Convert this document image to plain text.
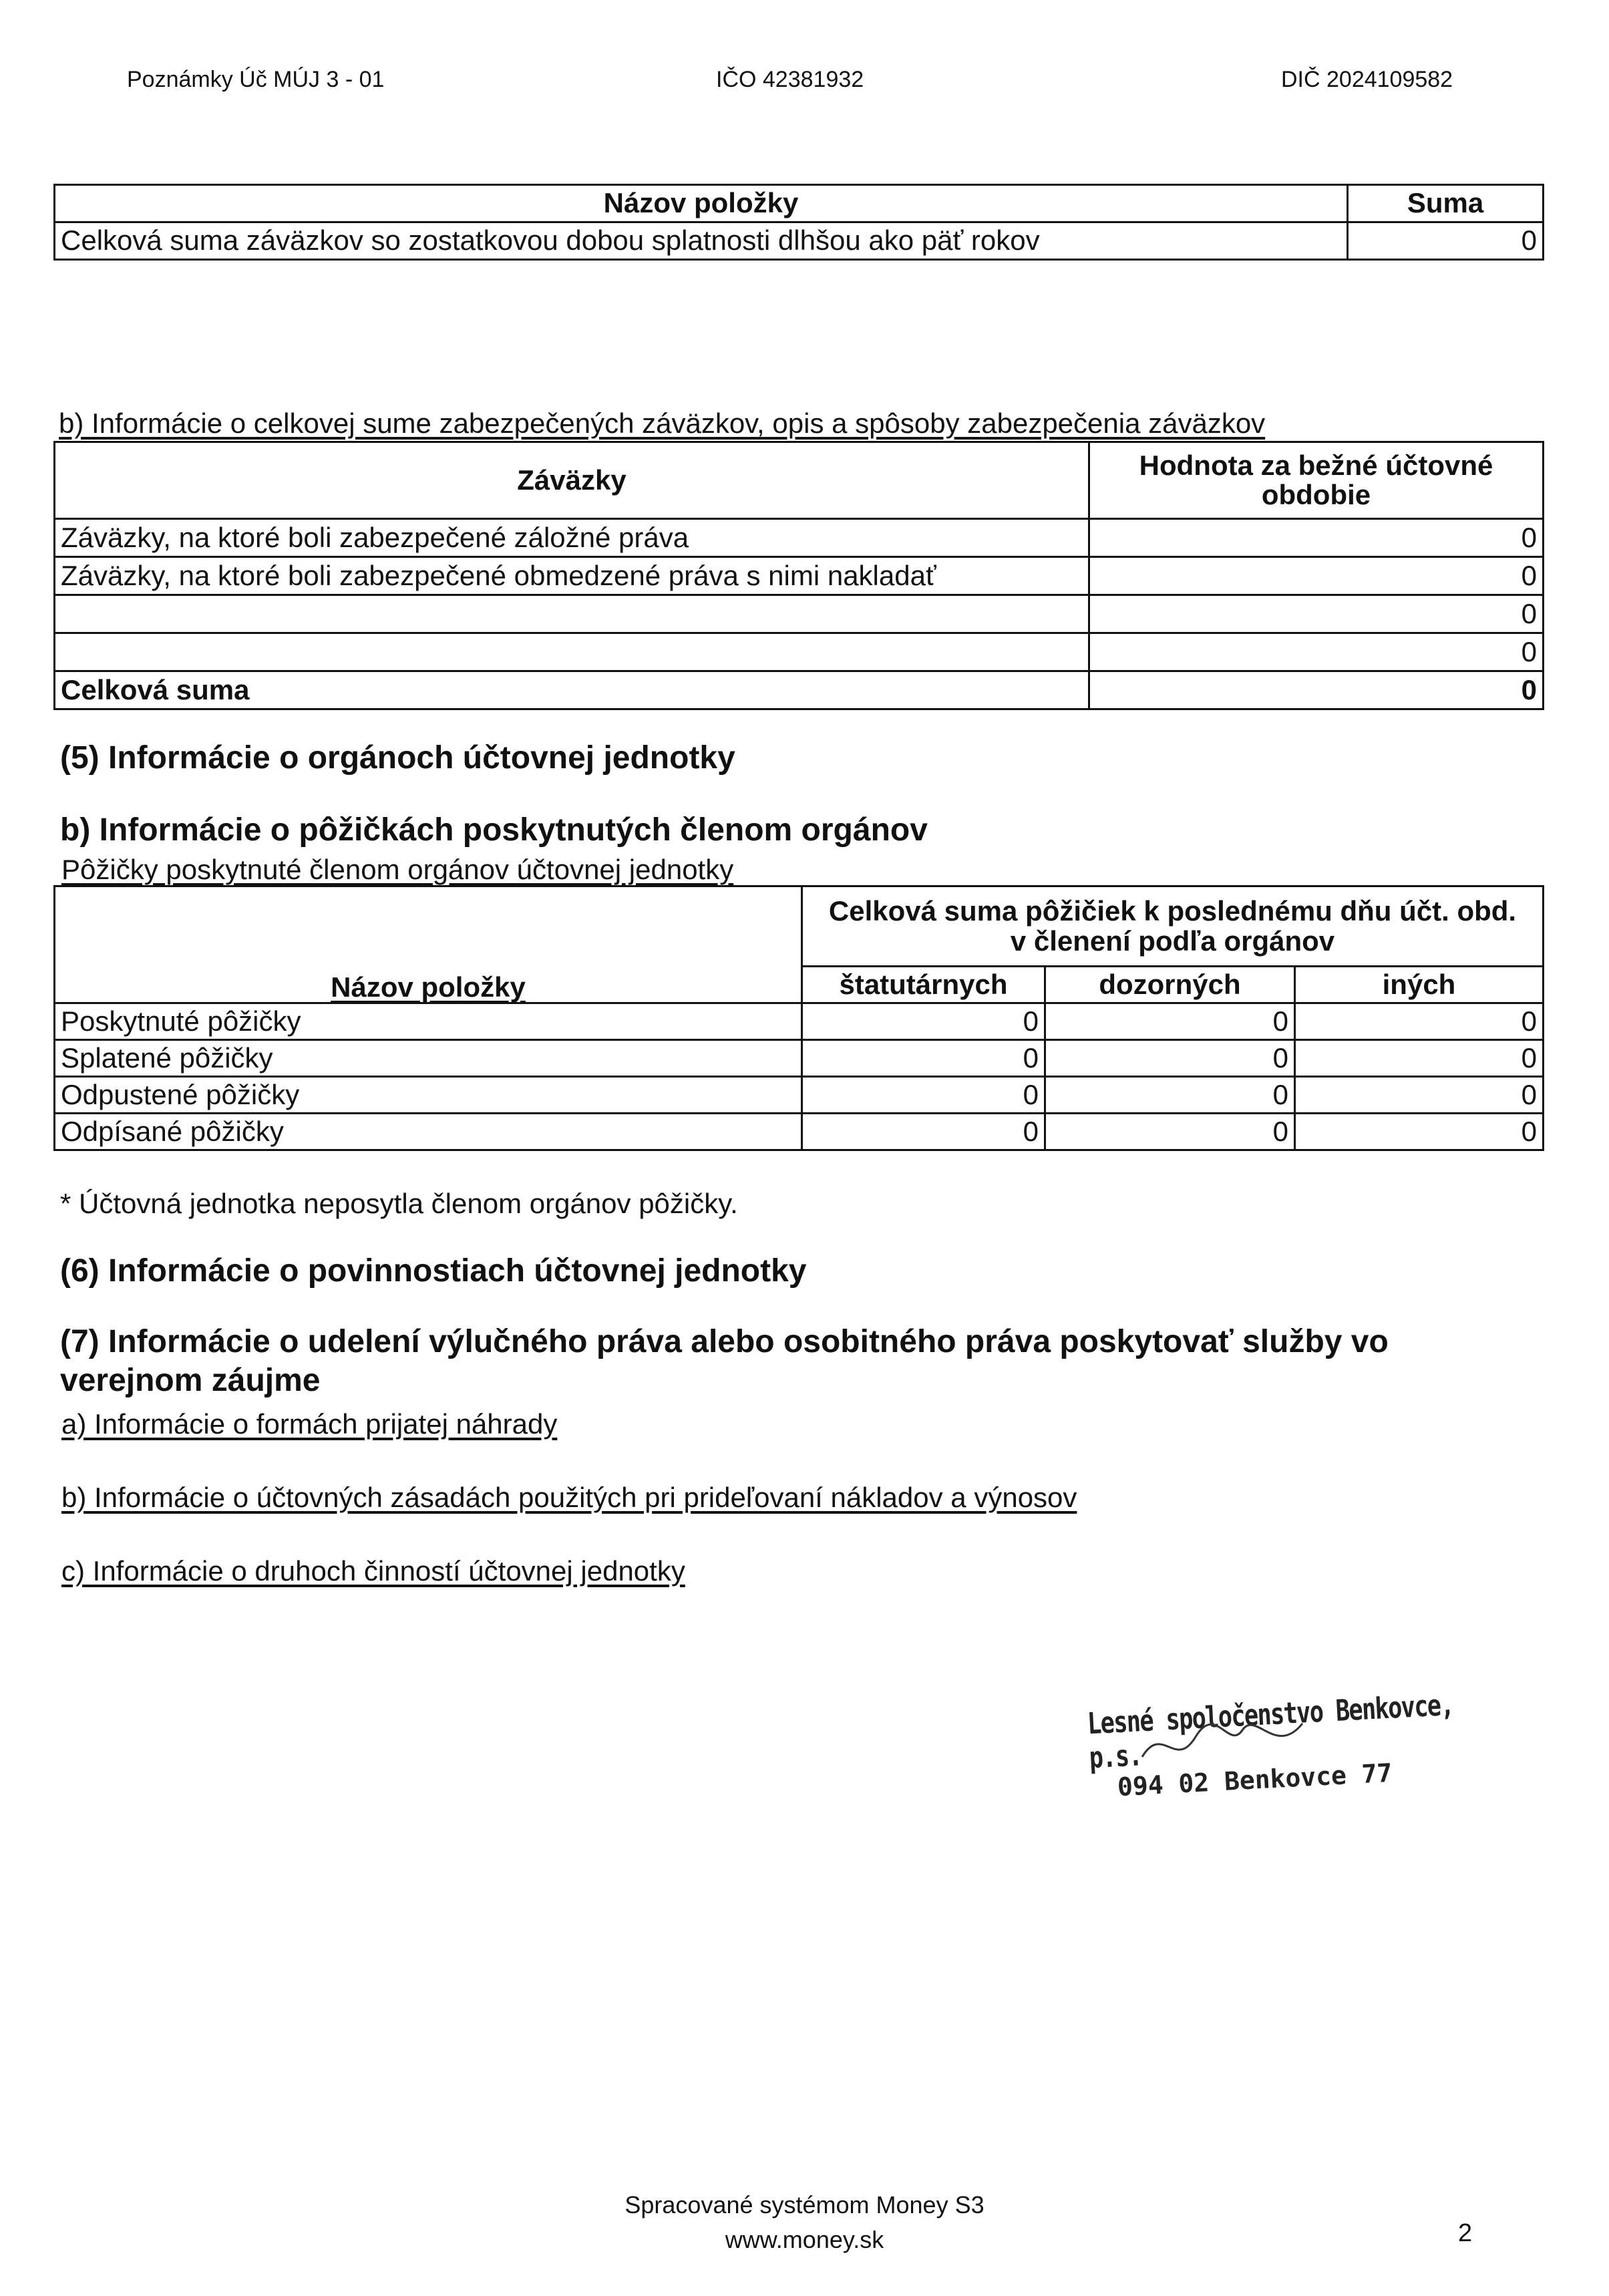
Poznámky Úč MÚJ 3 - 01	IČO 42381932	DIČ 2024109582
Názov položky	Suma
Celková suma záväzkov so zostatkovou dobou splatnosti dlhšou ako päť rokov	0
b) Informácie o celkovej sume zabezpečených záväzkov, opis a spôsoby zabezpečenia záväzkov
Záväzky	Hodnota za bežné účtovné obdobie
Záväzky, na ktoré boli zabezpečené záložné práva	0
Záväzky, na ktoré boli zabezpečené obmedzené práva s nimi nakladať	0
	0
	0
Celková suma	0
(5) Informácie o orgánoch účtovnej jednotky
b) Informácie o pôžičkách poskytnutých členom orgánov
Pôžičky poskytnuté členom orgánov účtovnej jednotky
Názov položky	Celková suma pôžičiek k poslednému dňu účt. obd. v členení podľa orgánov		
	štatutárnych	dozorných	iných
Poskytnuté pôžičky	0	0	0
Splatené pôžičky	0	0	0
Odpustené pôžičky	0	0	0
Odpísané pôžičky	0	0	0
* Účtovná jednotka neposytla členom orgánov pôžičky.
(6) Informácie o povinnostiach účtovnej jednotky
(7) Informácie o udelení výlučného práva alebo osobitného práva poskytovať služby vo verejnom záujme
a) Informácie o formách prijatej náhrady
b) Informácie o účtovných zásadách použitých pri prideľovaní nákladov a výnosov
c) Informácie o druhoch činností účtovnej jednotky
Lesné spoločenstvo Benkovce, p.s.
094 02 Benkovce 77
Spracované systémom Money S3
www.money.sk	2
